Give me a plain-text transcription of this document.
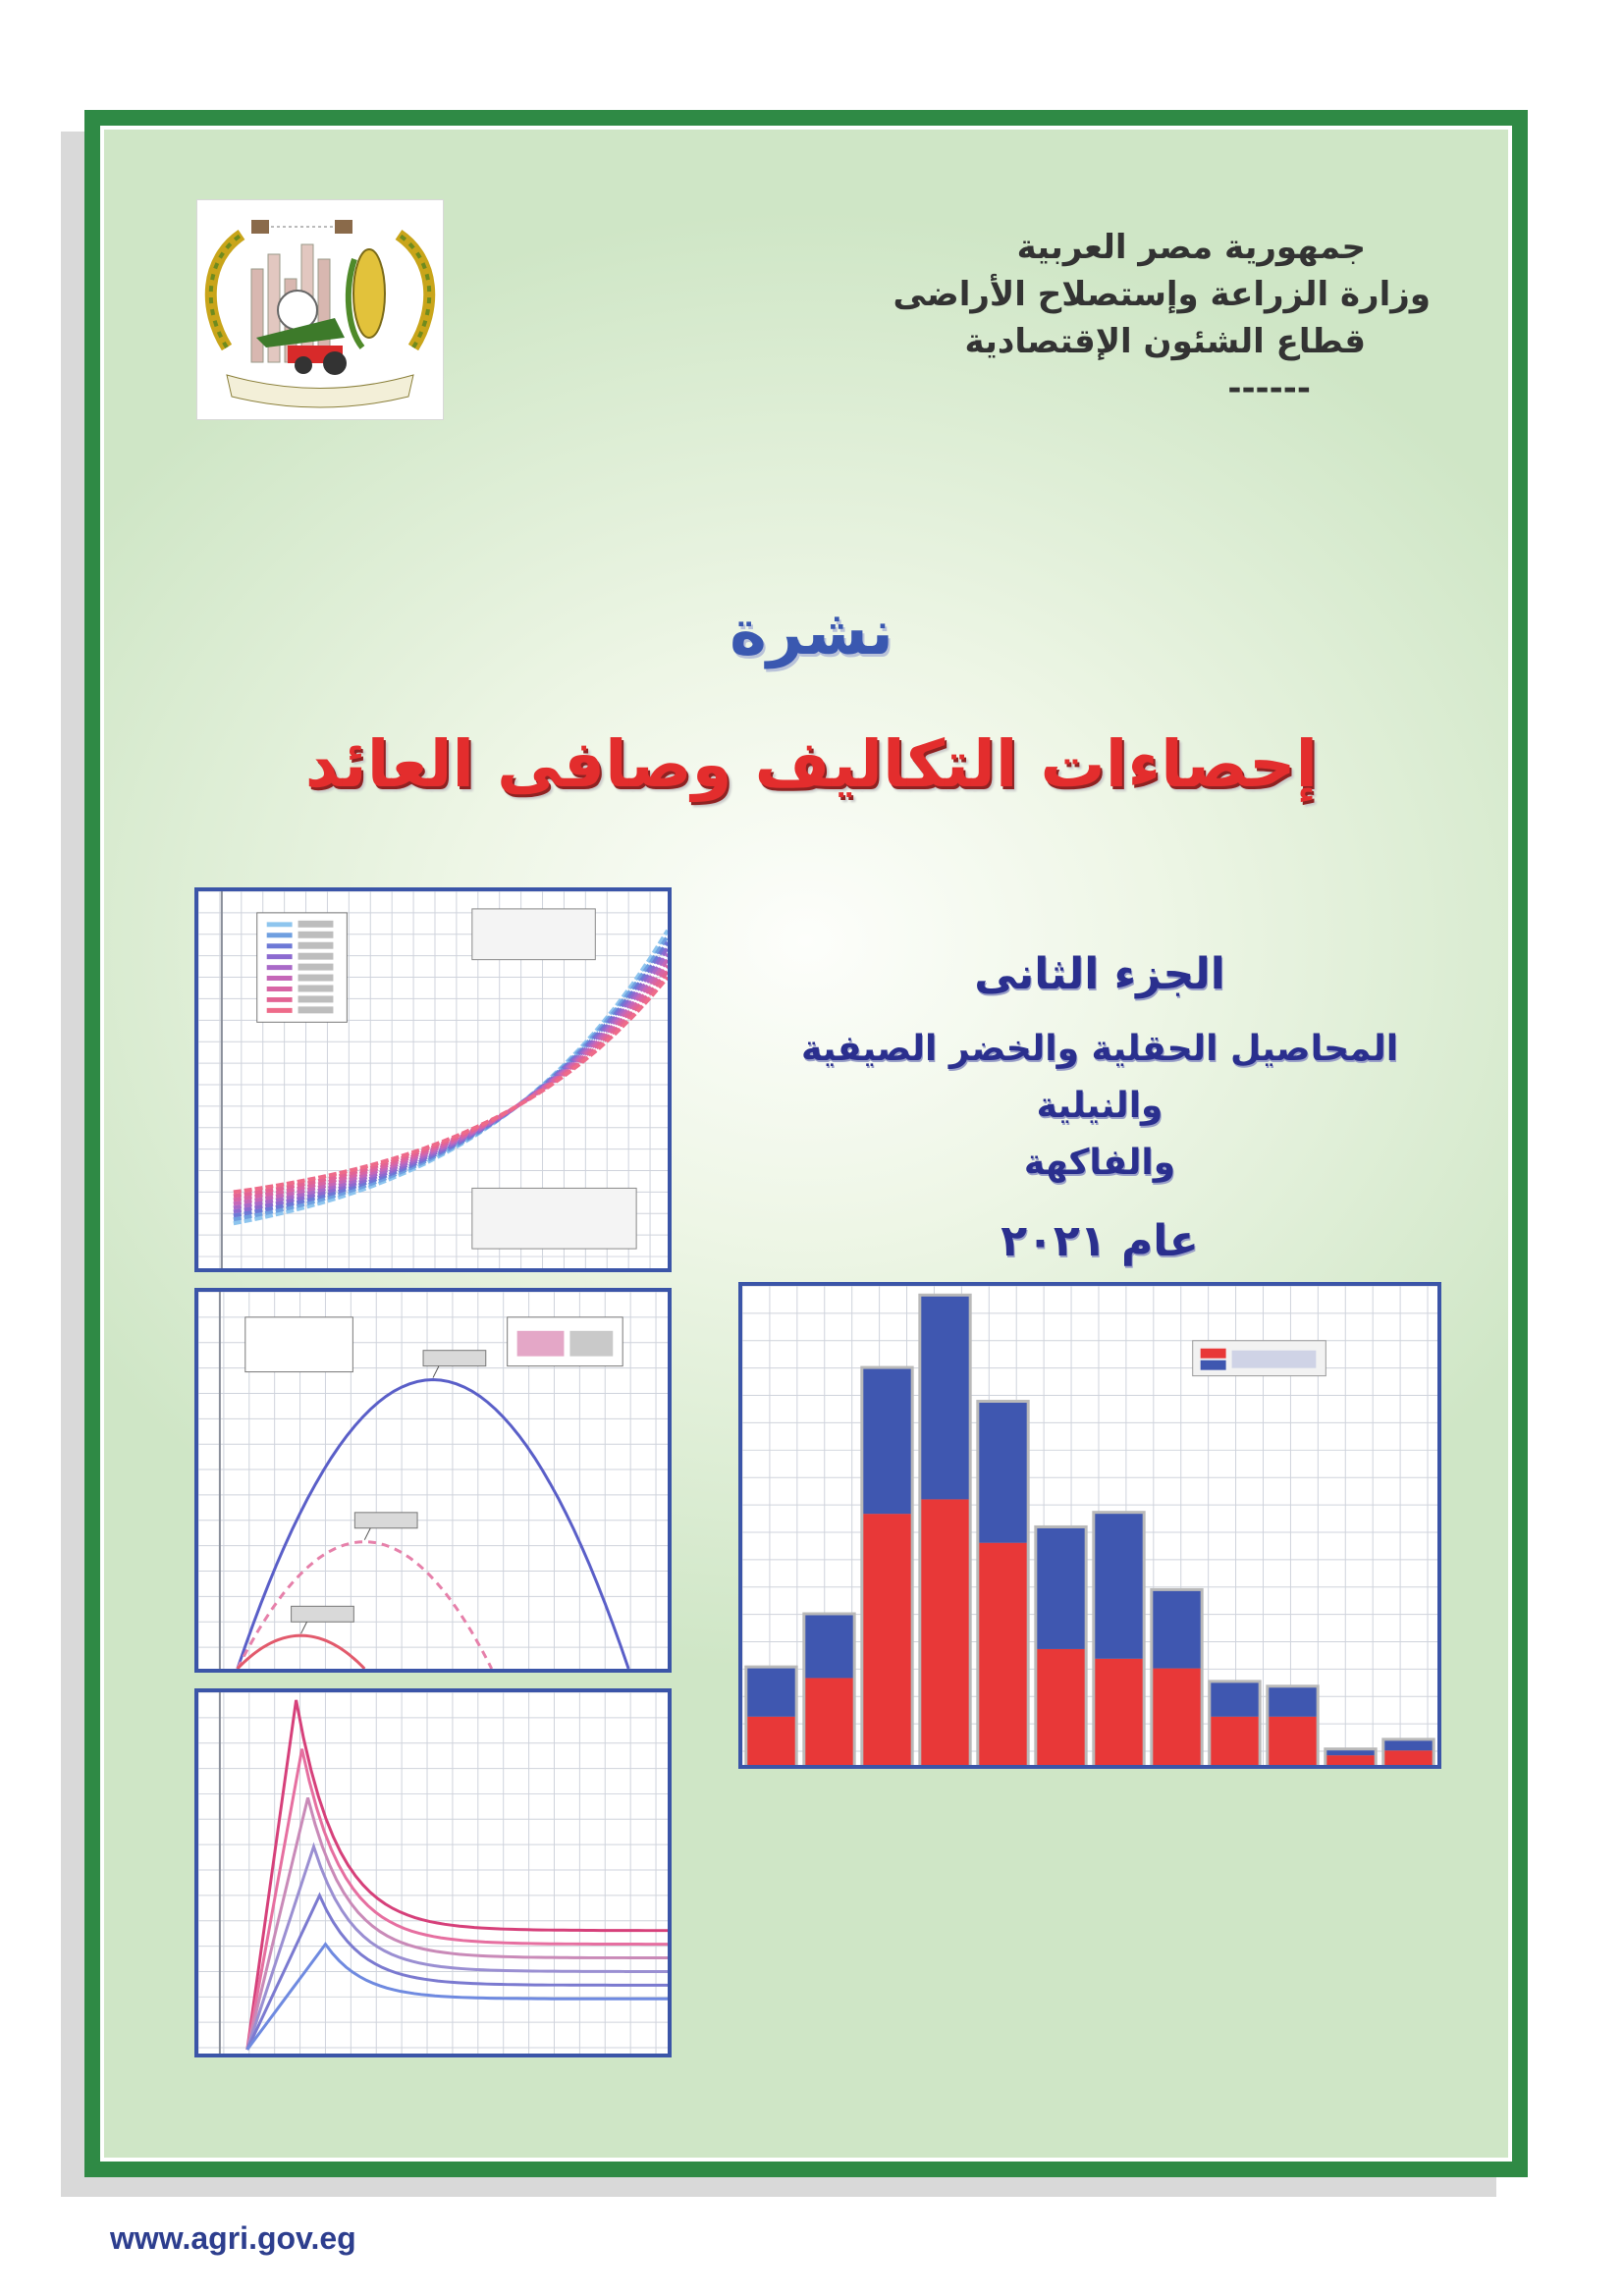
جمهورية مصر العربية
وزارة الزراعة وإستصلاح الأراضى
قطاع الشئون الإقتصادية
------
نشرة
إحصاءات التكاليف وصافى العائد
الجزء الثانى
المحاصيل الحقلية والخضر الصيفية والنيلية
والفاكهة
عام ٢٠٢١
www.agri.gov.eg
